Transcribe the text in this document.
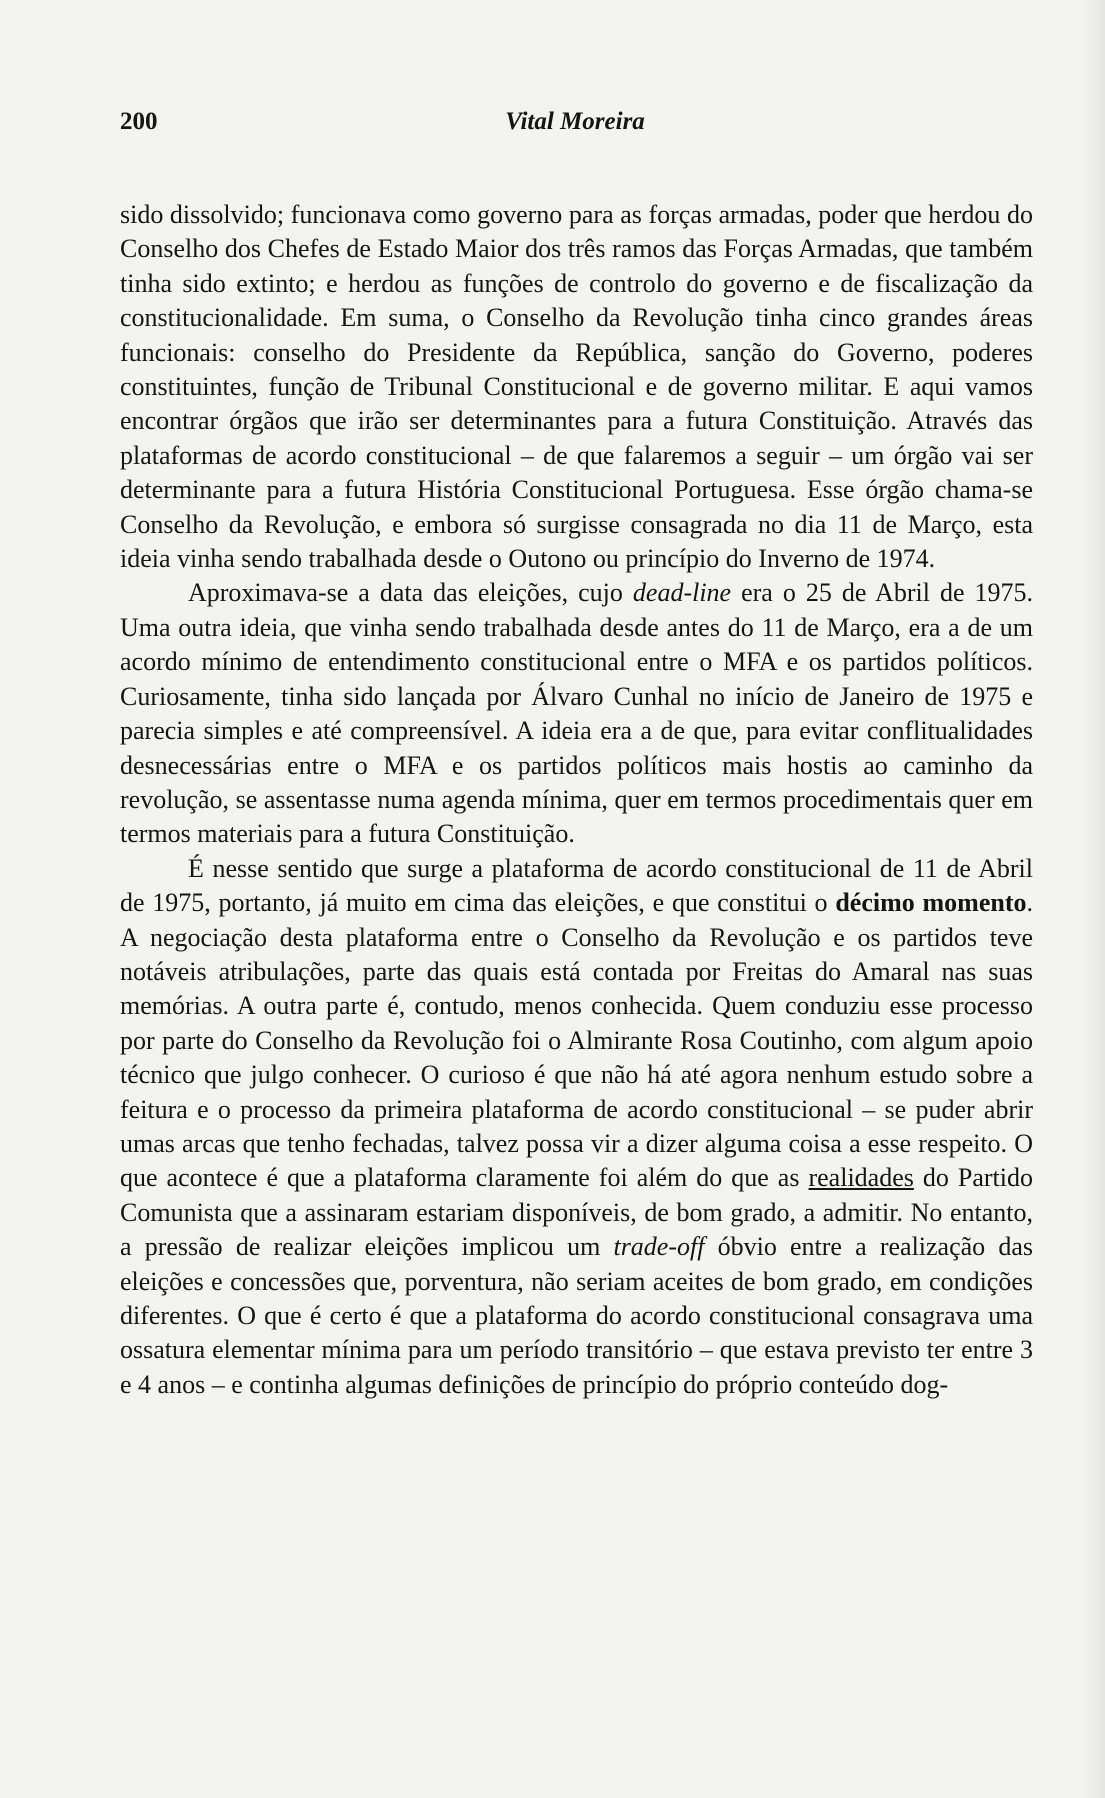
200	Vital Moreira

sido dissolvido; funcionava como governo para as forças armadas, poder que herdou do Conselho dos Chefes de Estado Maior dos três ramos das Forças Armadas, que também tinha sido extinto; e herdou as funções de controlo do governo e de fiscalização da constitucionalidade. Em suma, o Conselho da Revolução tinha cinco grandes áreas funcionais: conselho do Presidente da República, sanção do Governo, poderes constituintes, função de Tribunal Constitucional e de governo militar. E aqui vamos encontrar órgãos que irão ser determinantes para a futura Constituição. Através das plataformas de acordo constitucional – de que falaremos a seguir – um órgão vai ser determinante para a futura História Constitucional Portuguesa. Esse órgão chama-se Conselho da Revolução, e embora só surgisse consagrada no dia 11 de Março, esta ideia vinha sendo trabalhada desde o Outono ou princípio do Inverno de 1974.

Aproximava-se a data das eleições, cujo dead-line era o 25 de Abril de 1975. Uma outra ideia, que vinha sendo trabalhada desde antes do 11 de Março, era a de um acordo mínimo de entendimento constitucional entre o MFA e os partidos políticos. Curiosamente, tinha sido lançada por Álvaro Cunhal no início de Janeiro de 1975 e parecia simples e até compreensível. A ideia era a de que, para evitar conflitualidades desnecessárias entre o MFA e os partidos políticos mais hostis ao caminho da revolução, se assentasse numa agenda mínima, quer em termos procedimentais quer em termos materiais para a futura Constituição.

É nesse sentido que surge a plataforma de acordo constitucional de 11 de Abril de 1975, portanto, já muito em cima das eleições, e que constitui o décimo momento. A negociação desta plataforma entre o Conselho da Revolução e os partidos teve notáveis atribulações, parte das quais está contada por Freitas do Amaral nas suas memórias. A outra parte é, contudo, menos conhecida. Quem conduziu esse processo por parte do Conselho da Revolução foi o Almirante Rosa Coutinho, com algum apoio técnico que julgo conhecer. O curioso é que não há até agora nenhum estudo sobre a feitura e o processo da primeira plataforma de acordo constitucional – se puder abrir umas arcas que tenho fechadas, talvez possa vir a dizer alguma coisa a esse respeito. O que acontece é que a plataforma claramente foi além do que as realidades do Partido Comunista que a assinaram estariam disponíveis, de bom grado, a admitir. No entanto, a pressão de realizar eleições implicou um trade-off óbvio entre a realização das eleições e concessões que, porventura, não seriam aceites de bom grado, em condições diferentes. O que é certo é que a plataforma do acordo constitucional consagrava uma ossatura elementar mínima para um período transitório – que estava previsto ter entre 3 e 4 anos – e continha algumas definições de princípio do próprio conteúdo dog-
